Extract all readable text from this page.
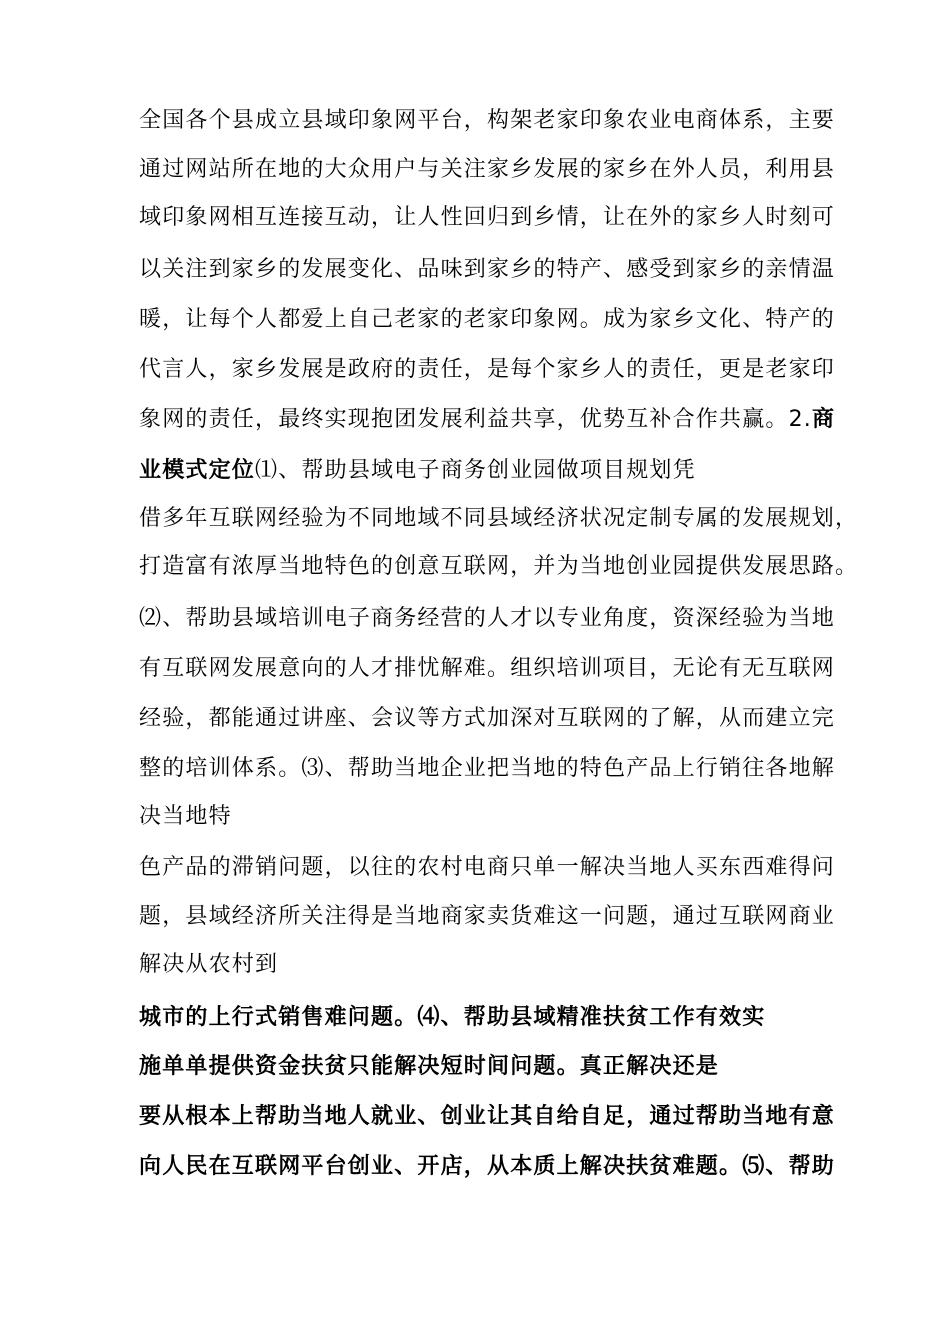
全国各个县成立县域印象网平台，构架老家印象农业电商体系，主要
通过网站所在地的大众用户与关注家乡发展的家乡在外人员，利用县
域印象网相互连接互动，让人性回归到乡情，让在外的家乡人时刻可
以关注到家乡的发展变化、品味到家乡的特产、感受到家乡的亲情温
暖，让每个人都爱上自己老家的老家印象网。成为家乡文化、特产的
代言人，家乡发展是政府的责任，是每个家乡人的责任，更是老家印
象网的责任，最终实现抱团发展利益共享，优势互补合作共赢。2.商
业模式定位⑴、帮助县域电子商务创业园做项目规划凭
借多年互联网经验为不同地域不同县域经济状况定制专属的发展规划，
打造富有浓厚当地特色的创意互联网，并为当地创业园提供发展思路。
⑵、帮助县域培训电子商务经营的人才以专业角度，资深经验为当地
有互联网发展意向的人才排忧解难。组织培训项目，无论有无互联网
经验，都能通过讲座、会议等方式加深对互联网的了解，从而建立完
整的培训体系。⑶、帮助当地企业把当地的特色产品上行销往各地解
决当地特
色产品的滞销问题，以往的农村电商只单一解决当地人买东西难得问
题，县域经济所关注得是当地商家卖货难这一问题，通过互联网商业
解决从农村到
城市的上行式销售难问题。⑷、帮助县域精准扶贫工作有效实
施单单提供资金扶贫只能解决短时间问题。真正解决还是
要从根本上帮助当地人就业、创业让其自给自足，通过帮助当地有意
向人民在互联网平台创业、开店，从本质上解决扶贫难题。⑸、帮助
